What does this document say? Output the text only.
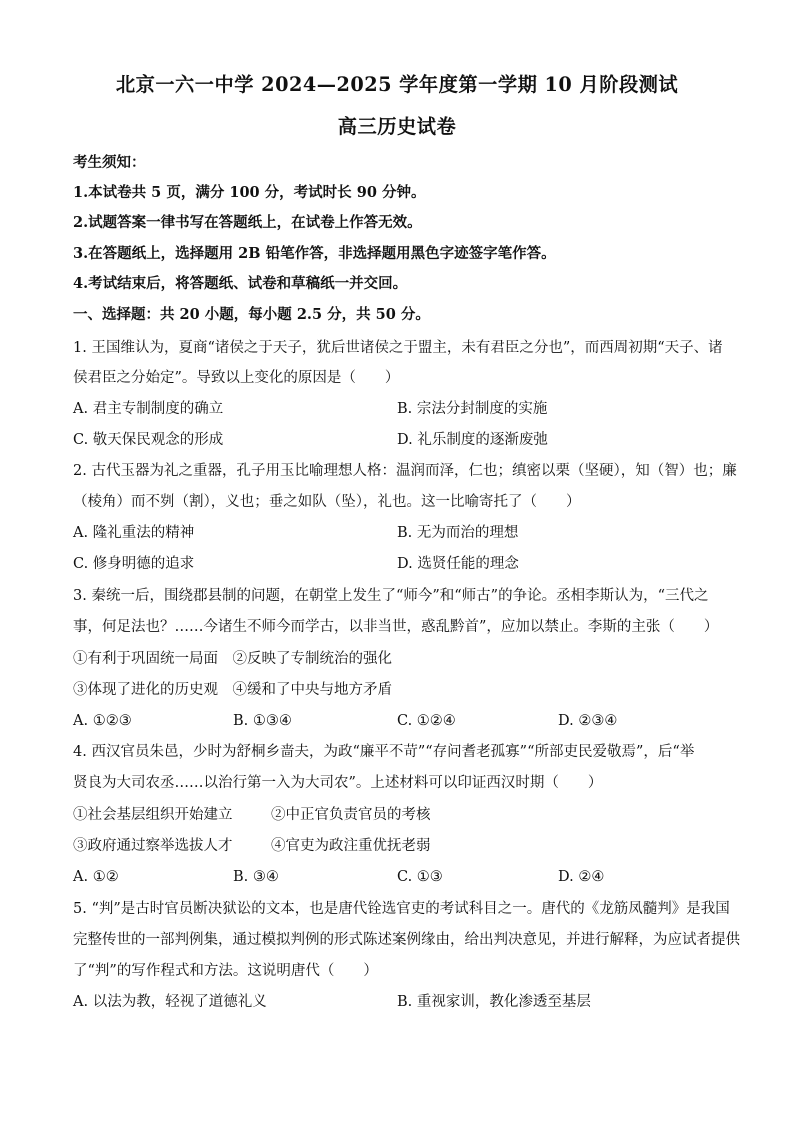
北京一六一中学 2024—2025 学年度第一学期 10 月阶段测试
高三历史试卷
考生须知：
1.本试卷共 5 页，满分 100 分，考试时长 90 分钟。
2.试题答案一律书写在答题纸上，在试卷上作答无效。
3.在答题纸上，选择题用 2B 铅笔作答，非选择题用黑色字迹签字笔作答。
4.考试结束后，将答题纸、试卷和草稿纸一并交回。
一、选择题：共 20 小题，每小题 2.5 分，共 50 分。
1. 王国维认为，夏商“诸侯之于天子，犹后世诸侯之于盟主，未有君臣之分也”，而西周初期“天子、诸
侯君臣之分始定”。导致以上变化的原因是（　　）
A. 君主专制制度的确立	B. 宗法分封制度的实施
C. 敬天保民观念的形成	D. 礼乐制度的逐渐废弛
2. 古代玉器为礼之重器，孔子用玉比喻理想人格：温润而泽，仁也；缜密以栗（坚硬），知（智）也；廉
（棱角）而不刿（割），义也；垂之如队（坠），礼也。这一比喻寄托了（　　）
A. 隆礼重法的精神	B. 无为而治的理想
C. 修身明德的追求	D. 选贤任能的理念
3. 秦统一后，围绕郡县制的问题，在朝堂上发生了“师今”和“师古”的争论。丞相李斯认为，“三代之
事，何足法也？……今诸生不师今而学古，以非当世，惑乱黔首”，应加以禁止。李斯的主张（　　）
①有利于巩固统一局面　②反映了专制统治的强化
③体现了进化的历史观　④缓和了中央与地方矛盾
A. ①②③	B. ①③④	C. ①②④	D. ②③④
4. 西汉官员朱邑，少时为舒桐乡啬夫，为政“廉平不苛”“存问耆老孤寡”“所部吏民爱敬焉”，后“举
贤良为大司农丞……以治行第一入为大司农”。上述材料可以印证西汉时期（　　）
①社会基层组织开始建立	②中正官负责官员的考核
③政府通过察举选拔人才	④官吏为政注重优抚老弱
A. ①②	B. ③④	C. ①③	D. ②④
5. “判”是古时官员断决狱讼的文本，也是唐代铨选官吏的考试科目之一。唐代的《龙筋凤髓判》是我国
完整传世的一部判例集，通过模拟判例的形式陈述案例缘由，给出判决意见，并进行解释，为应试者提供
了“判”的写作程式和方法。这说明唐代（　　）
A. 以法为教，轻视了道德礼义	B. 重视家训，教化渗透至基层
